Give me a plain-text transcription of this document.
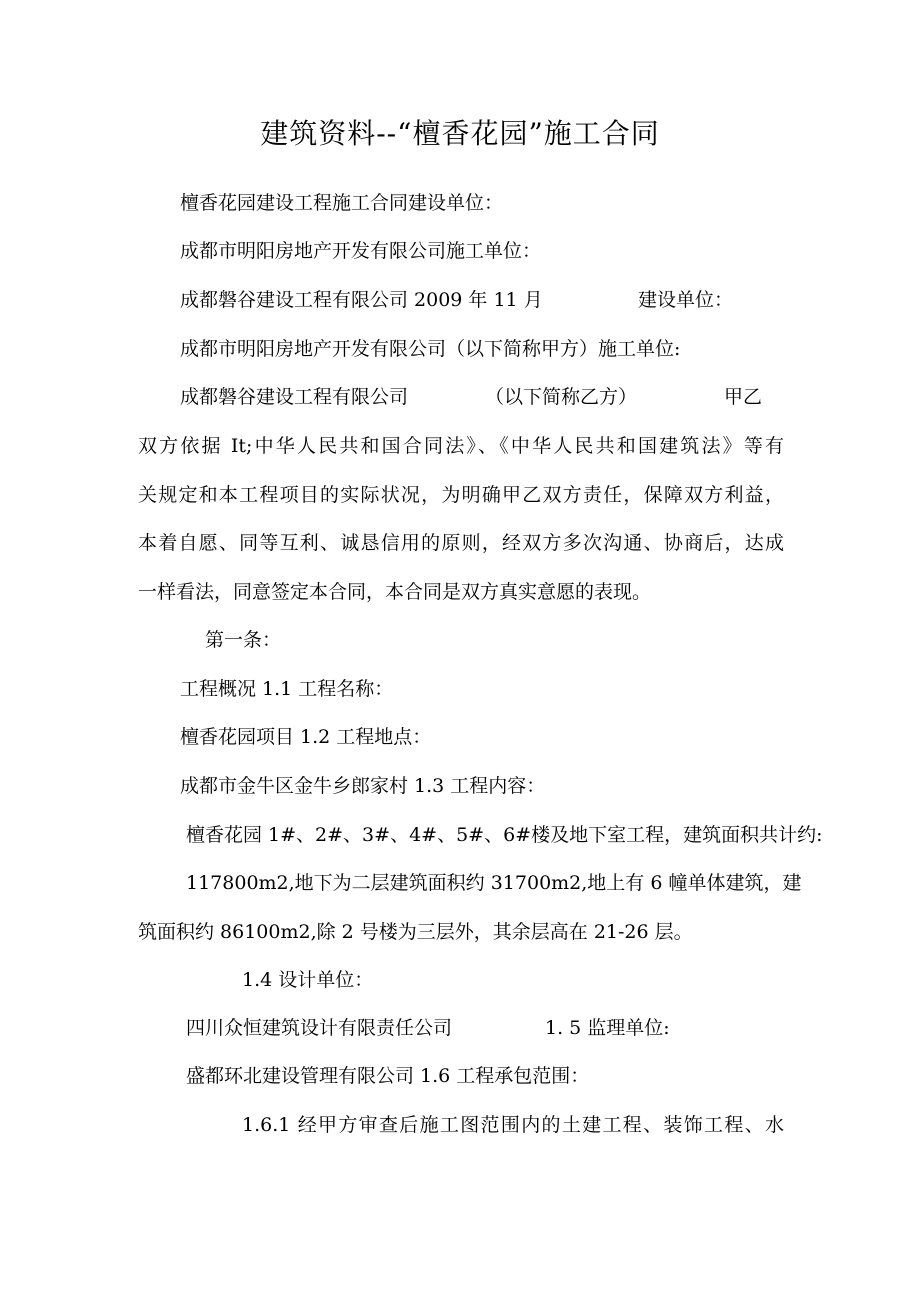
建筑资料--“檀香花园”施工合同
檀香花园建设工程施工合同建设单位：
成都市明阳房地产开发有限公司施工单位：
成都磐谷建设工程有限公司 2009 年 11 月	建设单位：
成都市明阳房地产开发有限公司（以下简称甲方）施工单位:
成都磐谷建设工程有限公司	（以下简称乙方）	甲乙
双方依据 It;中华人民共和国合同法》、《中华人民共和国建筑法》等有
关规定和本工程项目的实际状况，为明确甲乙双方责任，保障双方利益，
本着自愿、同等互利、诚恳信用的原则，经双方多次沟通、协商后，达成
一样看法，同意签定本合同，本合同是双方真实意愿的表现。
第一条：
工程概况 1.1 工程名称：
檀香花园项目 1.2 工程地点：
成都市金牛区金牛乡郎家村 1.3 工程内容：
檀香花园 1#、2#、3#、4#、5#、6#楼及地下室工程，建筑面积共计约:
117800m2,地下为二层建筑面积约 31700m2,地上有 6 幢单体建筑，建
筑面积约 86100m2,除 2 号楼为三层外，其余层高在 21-26 层。
1.4 设计单位：
四川众恒建筑设计有限责任公司	1. 5 监理单位:
盛都环北建设管理有限公司 1.6 工程承包范围：
1.6.1 经甲方审查后施工图范围内的土建工程、装饰工程、水
